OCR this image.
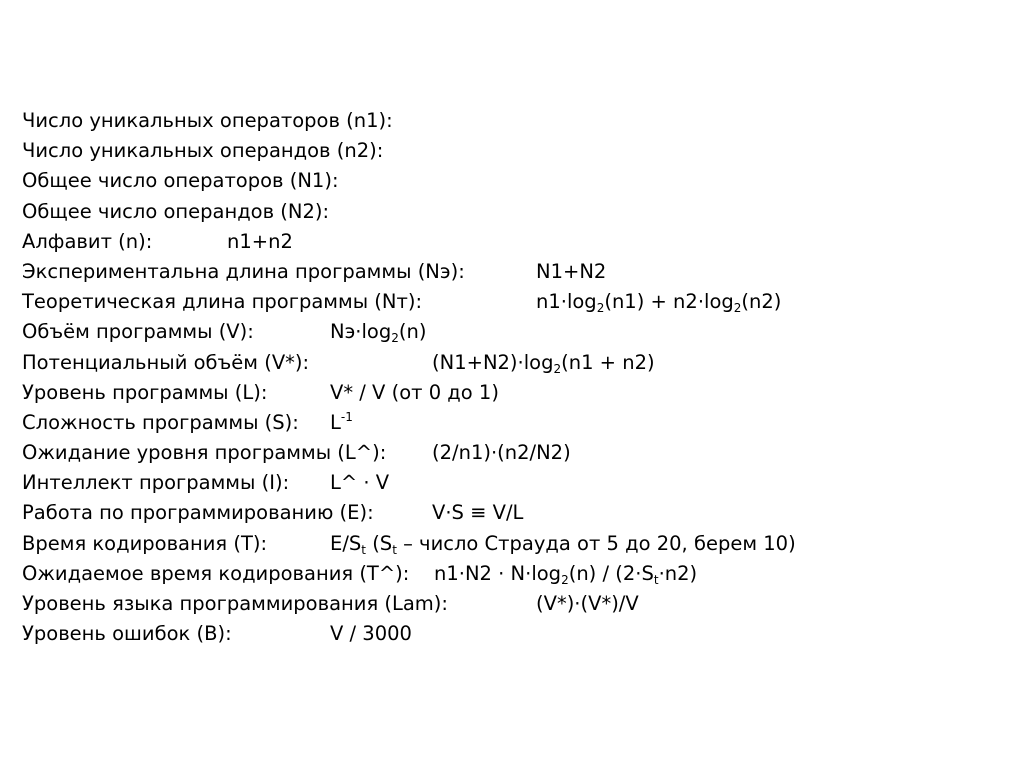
Число уникальных операторов (n1):
Число уникальных операндов (n2):
Общее число операторов (N1):
Общее число операндов (N2):
Алфавит (n):	n1+n2
Экспериментальна длина программы (Nэ):	N1+N2
Теоретическая длина программы (Nт):	$n1\cdot\log_2(n1) + n2\cdot\log_2(n2)$
Объём программы (V):	$Nэ\cdot\log_2(n)$
Потенциальный объём (V*):	$(N1+N2)\cdot\log_2(n1 + n2)$
Уровень программы (L):	V* / V (от 0 до 1)
Сложность программы (S): $L^{-1}$
Ожидание уровня программы (L^): (2/n1)·(n2/N2)
Интеллект программы (I): L^ · V
Работа по программированию (E):	V·S ≡ V/L
Время кодирования (T):	$E/S_t$ ($S_t$ – число Страуда от 5 до 20, берем 10)
Ожидаемое время кодирования (T^): $n1\cdot N2 \cdot N\cdot\log_2(n) / (2\cdot S_t\cdot n2)$
Уровень языка программирования (Lam):	(V*)·(V*)/V
Уровень ошибок (B):	V / 3000
